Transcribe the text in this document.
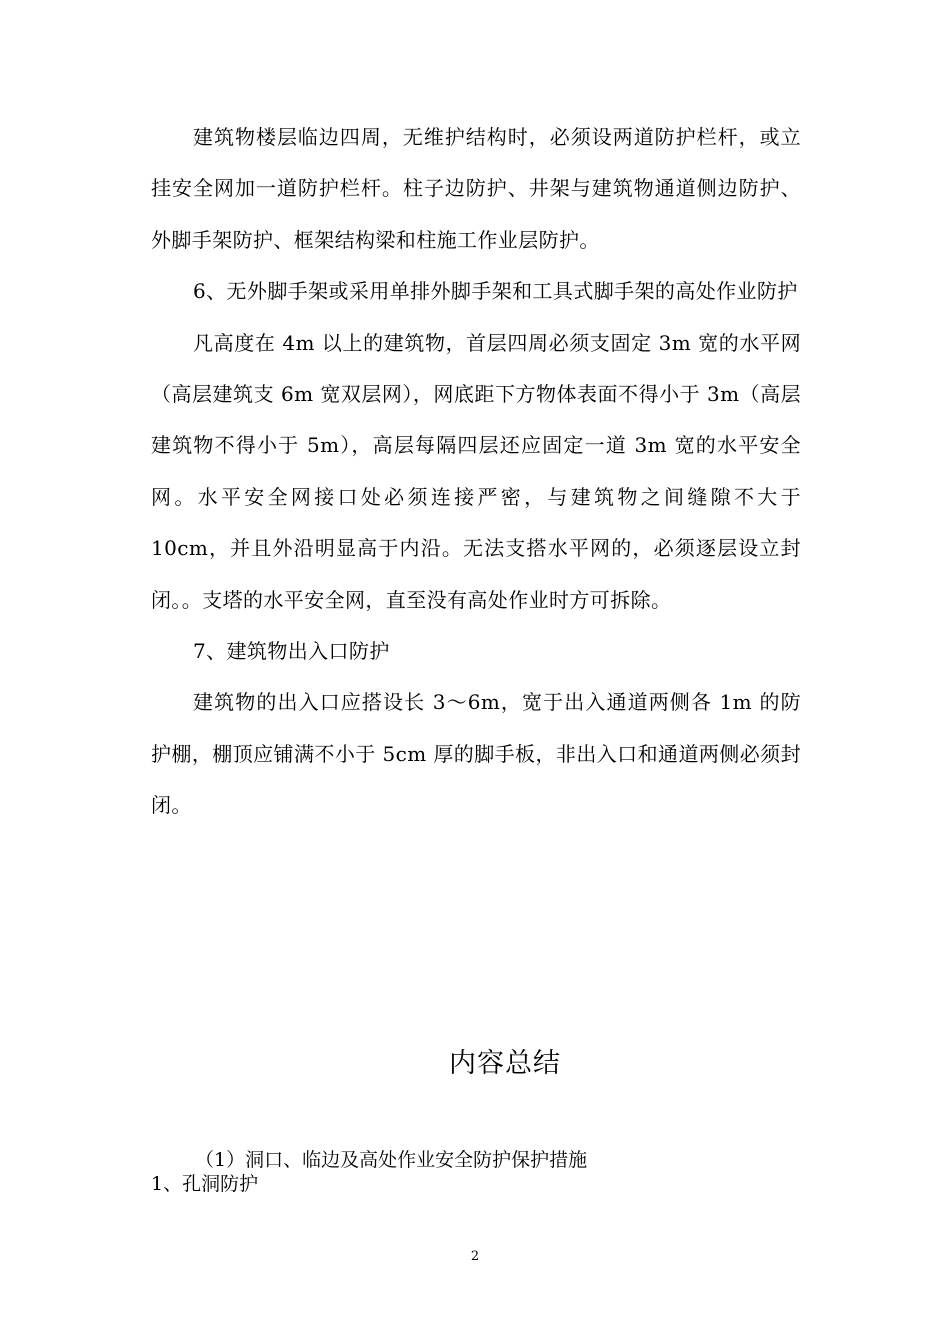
建筑物楼层临边四周，无维护结构时，必须设两道防护栏杆，或立挂安全网加一道防护栏杆。柱子边防护、井架与建筑物通道侧边防护、外脚手架防护、框架结构梁和柱施工作业层防护。

6、无外脚手架或采用单排外脚手架和工具式脚手架的高处作业防护

凡高度在 4m 以上的建筑物，首层四周必须支固定 3m 宽的水平网（高层建筑支 6m 宽双层网），网底距下方物体表面不得小于 3m（高层建筑物不得小于 5m），高层每隔四层还应固定一道 3m 宽的水平安全网。水平安全网接口处必须连接严密，与建筑物之间缝隙不大于 10cm，并且外沿明显高于内沿。无法支搭水平网的，必须逐层设立封闭。。支塔的水平安全网，直至没有高处作业时方可拆除。

7、建筑物出入口防护

建筑物的出入口应搭设长 3～6m，宽于出入通道两侧各 1m 的防护棚，棚顶应铺满不小于 5cm 厚的脚手板，非出入口和通道两侧必须封闭。

内容总结
（1）洞口、临边及高处作业安全防护保护措施
1、孔洞防护
2
